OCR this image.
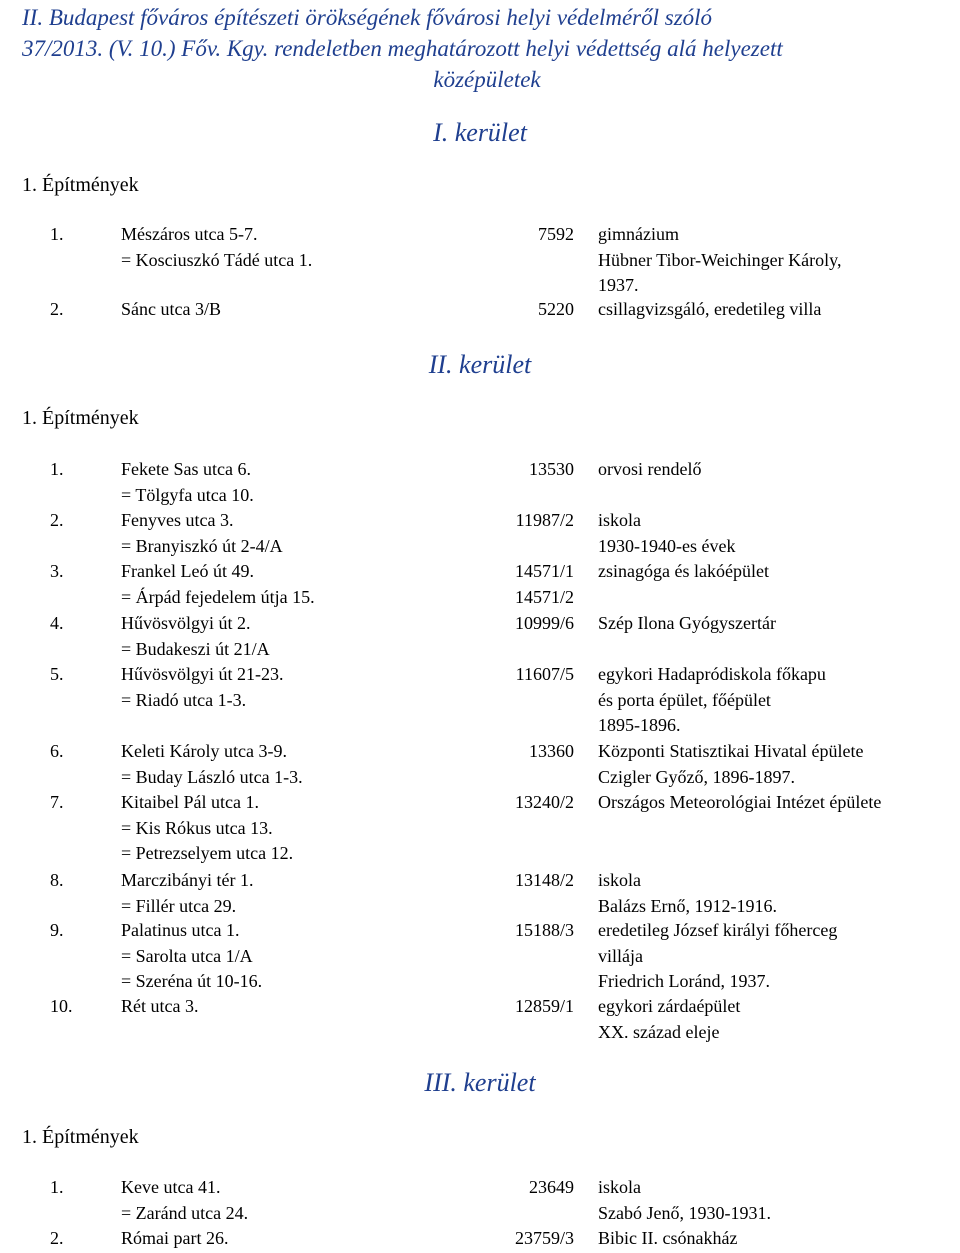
II. Budapest főváros építészeti örökségének fővárosi helyi védelméről szóló
37/2013. (V. 10.) Főv. Kgy. rendeletben meghatározott helyi védettség alá helyezett
középületek
I. kerület
1. Építmények
1.	Mészáros utca 5-7.
= Kosciuszkó Tádé utca 1.
7592 gimnázium
Hübner Tibor-Weichinger Károly,
1937.
2.	Sánc utca 3/B	5220 csillagvizsgáló, eredetileg villa
II. kerület
1. Építmények
1.	Fekete Sas utca 6.
= Tölgyfa utca 10.
13530 orvosi rendelő
2.	Fenyves utca 3.
= Branyiszkó út 2-4/A
11987/2 iskola
1930-1940-es évek
3.	Frankel Leó út 49.
= Árpád fejedelem útja 15.
14571/1
14571/2
zsinagóga és lakóépület
4.	Hűvösvölgyi út 2.
= Budakeszi út 21/A
10999/6 Szép Ilona Gyógyszertár
5.	Hűvösvölgyi út 21-23.
= Riadó utca 1-3.
11607/5 egykori Hadapródiskola főkapu
és porta épület, főépület
1895-1896.
6.	Keleti Károly utca 3-9.
= Buday László utca 1-3.
13360 Központi Statisztikai Hivatal épülete
Czigler Győző, 1896-1897.
7.	Kitaibel Pál utca 1.
= Kis Rókus utca 13.
= Petrezselyem utca 12.
13240/2 Országos Meteorológiai Intézet épülete
8.	Marczibányi tér 1.
= Fillér utca 29.
13148/2 iskola
Balázs Ernő, 1912-1916.
9.	Palatinus utca 1.
= Sarolta utca 1/A
= Szeréna út 10-16.
15188/3 eredetileg József királyi főherceg
villája
Friedrich Loránd, 1937.
10.	Rét utca 3.	12859/1 egykori zárdaépület
XX. század eleje
III. kerület
1. Építmények
1.	Keve utca 41.
= Zaránd utca 24.
23649 iskola
Szabó Jenő, 1930-1931.
2.	Római part 26.	23759/3 Bibic II. csónakház
